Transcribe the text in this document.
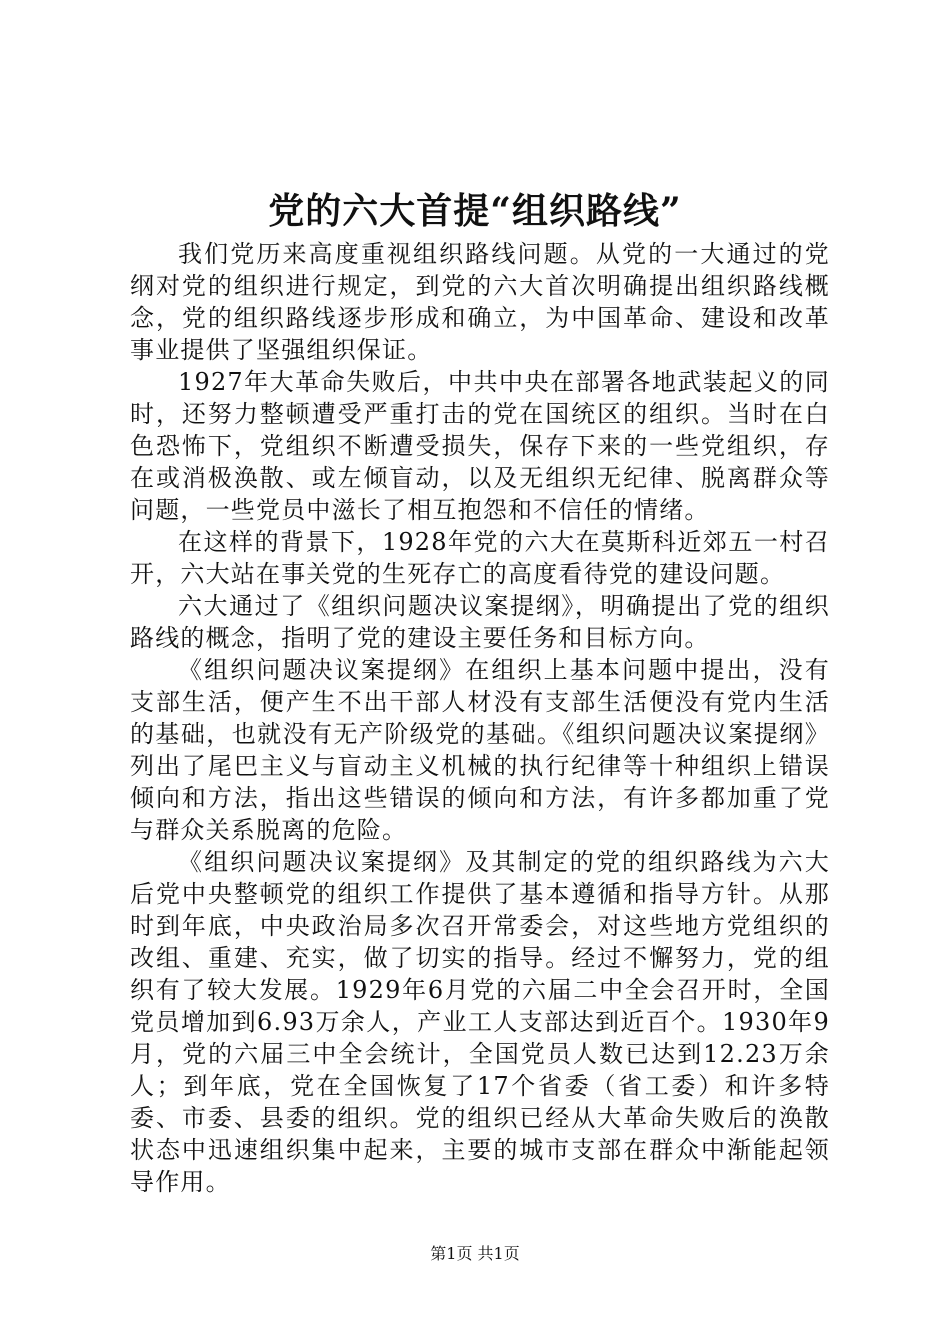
党的六大首提“组织路线”

我们党历来高度重视组织路线问题。从党的一大通过的党纲对党的组织进行规定，到党的六大首次明确提出组织路线概念，党的组织路线逐步形成和确立，为中国革命、建设和改革事业提供了坚强组织保证。

1927年大革命失败后，中共中央在部署各地武装起义的同时，还努力整顿遭受严重打击的党在国统区的组织。当时在白色恐怖下，党组织不断遭受损失，保存下来的一些党组织，存在或消极涣散、或左倾盲动，以及无组织无纪律、脱离群众等问题，一些党员中滋长了相互抱怨和不信任的情绪。

在这样的背景下，1928年党的六大在莫斯科近郊五一村召开，六大站在事关党的生死存亡的高度看待党的建设问题。

六大通过了《组织问题决议案提纲》，明确提出了党的组织路线的概念，指明了党的建设主要任务和目标方向。

《组织问题决议案提纲》在组织上基本问题中提出，没有支部生活，便产生不出干部人材没有支部生活便没有党内生活的基础，也就没有无产阶级党的基础。《组织问题决议案提纲》列出了尾巴主义与盲动主义机械的执行纪律等十种组织上错误倾向和方法，指出这些错误的倾向和方法，有许多都加重了党与群众关系脱离的危险。

《组织问题决议案提纲》及其制定的党的组织路线为六大后党中央整顿党的组织工作提供了基本遵循和指导方针。从那时到年底，中央政治局多次召开常委会，对这些地方党组织的改组、重建、充实，做了切实的指导。经过不懈努力，党的组织有了较大发展。1929年6月党的六届二中全会召开时，全国党员增加到6.93万余人，产业工人支部达到近百个。1930年9月，党的六届三中全会统计，全国党员人数已达到12.23万余人；到年底，党在全国恢复了17个省委（省工委）和许多特委、市委、县委的组织。党的组织已经从大革命失败后的涣散状态中迅速组织集中起来，主要的城市支部在群众中渐能起领导作用。

第1页 共1页
